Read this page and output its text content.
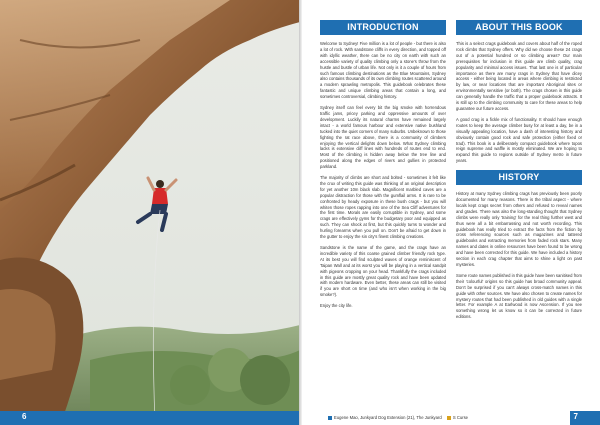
6
INTRODUCTION

Welcome to Sydney! Five million is a lot of people - but there is also a lot of rock. With sandstone cliffs in every direction, and topped off with idyllic weather, there can be no city on earth with such an accessible variety of quality climbing only a stone's throw from the hustle and bustle of urban life. Not only is it a couple of hours from such famous climbing destinations as the Blue Mountains, Sydney also contains thousands of its own climbing routes scattered around a modern sprawling metropolis. This guidebook celebrates these fantastic and unique climbing areas that contain a long, and sometimes controversial, climbing history.

Sydney itself can feel every bit the big smoke with horrendous traffic jams, pricey parking and oppressive amounts of over development. Luckily its natural charms have remained largely intact - a world famous harbour and extensive native bushland tucked into the quiet corners of many suburbs. Unbeknown to those fighting the rat race above, there is a community of climbers enjoying the vertical delights down below. What Sydney climbing lacks is extensive cliff lines with hundreds of routes end to end. Most of the climbing is hidden away below the tree line and positioned along the edges of rivers and gullies in protected parkland.

The majority of climbs are short and bolted - sometimes it felt like the crux of writing this guide was thinking of an original description for yet another 10m black slab. Magnificent marbled caves are a popular distraction for those with the gumflail arms. It is rare to be confronted by heady exposure in these bush crags - but you will whiten those ropes rapping into one of the Sea Cliff adventures for the first time. Morals are easily corruptible in Sydney, and some crags are effectively gyms for the budgetary poor and equipped as such. They can shock at first, but this quickly turns to wonder and hurling forearms when you pull on. Don't be afraid to get down in the gutter to enjoy the sin city's finest climbing creations.

Sandstone is the name of the game, and the crags have an incredible variety of this coarse grained climber friendly rock type. At its best you will find sculpted waves of orange reminiscent of Taipan Wall and at its worst you will be playing in a vertical sandpit with pigeons cropping on your head. Thankfully the crags included in this guide are mostly great quality rock and have been updated with modern hardware. Even better, these areas can still be visited if you are short on time (and who isn't when working in the big smoke?).

Enjoy the city life.

ABOUT THIS BOOK

This is a select crags guidebook and covers about half of the roped rock climbs that Sydney offers. Why did we choose these 24 crags out of a potential hundred or so climbing areas? Our main prerequisites for inclusion in this guide are climb quality, crag popularity and minimal access issues. That last one is of particular importance as there are many crags in Sydney that have dicey access - either being located in areas where climbing is restricted by law, or near locations that are important Aboriginal sites or environmentally sensitive (or both). The crags chosen in this guide can generally handle the traffic that a proper guidebook attracts. It is still up to the climbing community to care for these areas to help guarantee our future access.

A good crag is a fickle mix of functionality. It should have enough routes to keep the average climber busy for at least a day, be in a visually appealing location, have a dash of interesting history and obviously contain good rock and safe protection (either fixed or trad). This book is a deliberately compact guidebook where topos reign supreme and waffle is mostly eliminated. We are hoping to expand this guide to regions outside of Sydney metro in future years.

HISTORY

History at many Sydney climbing crags has previously been poorly documented for many reasons. There is the tribal aspect - where locals kept crags secret from others and refused to reveal names and grades. There was also the long-standing thought that Sydney climbs were really only 'training' for the real thing further west and thus were all a bit embarrassing and not worth recording. This guidebook has really tried to extract the facts from the fiction by cross referencing sources such as magazines and tattered guidebooks and extracting memories from faded rock stars. Many names and dates in online resources have been found to be wrong and have been corrected for this guide. We have included a history section in each crag chapter that aims to shine a light on past mysteries.

Some route names published in this guide have been sanitised from their 'colourful' origins so this guide has broad community appeal. Don't be surprised if you can't always cross-match names in this guide with other sources. We have also chosen to create names for mystery routes that had been published in old guides with a single letter. For example A at Earlwood is now Ascension. If you see something wrong let us know so it can be corrected in future editions.

Eugene Mao, Junkyard Dog Extension (21), The Junkyard	S Curse	7
